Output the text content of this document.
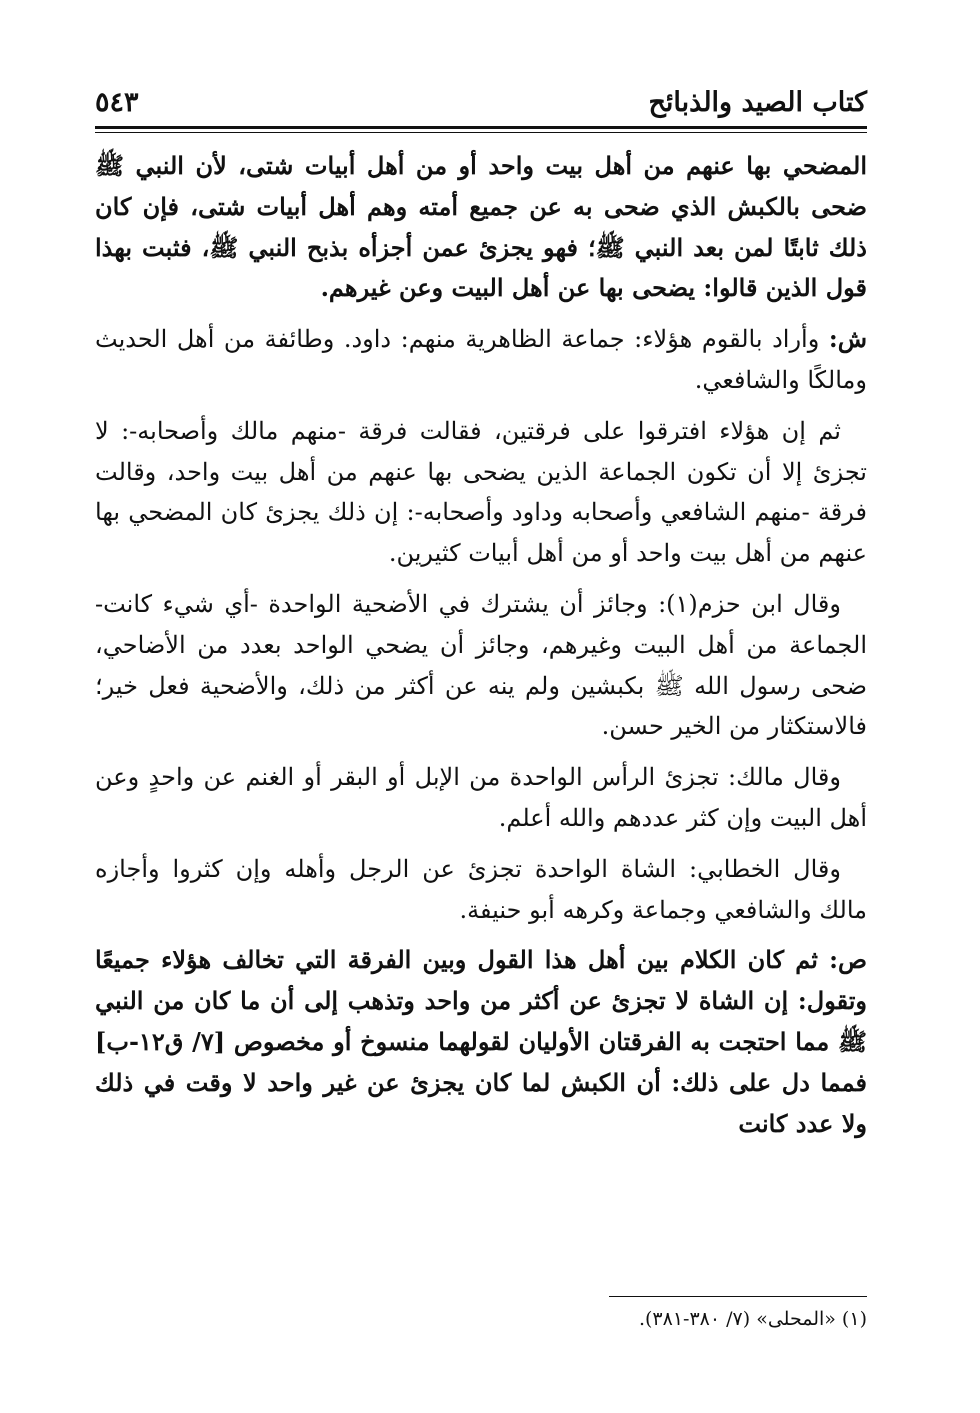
كتاب الصيد والذبائح
٥٤٣

المضحي بها عنهم من أهل بيت واحد أو من أهل أبيات شتى، لأن النبي ﷺ ضحى بالكبش الذي ضحى به عن جميع أمته وهم أهل أبيات شتى، فإن كان ذلك ثابتًا لمن بعد النبي ﷺ؛ فهو يجزئ عمن أجزأه بذبح النبي ﷺ، فثبت بهذا قول الذين قالوا: يضحى بها عن أهل البيت وعن غيرهم.

ش: وأراد بالقوم هؤلاء: جماعة الظاهرية منهم: داود. وطائفة من أهل الحديث ومالكًا والشافعي.

ثم إن هؤلاء افترقوا على فرقتين، فقالت فرقة -منهم مالك وأصحابه-: لا تجزئ إلا أن تكون الجماعة الذين يضحى بها عنهم من أهل بيت واحد، وقالت فرقة -منهم الشافعي وأصحابه وداود وأصحابه-: إن ذلك يجزئ كان المضحي بها عنهم من أهل بيت واحد أو من أهل أبيات كثيرين.

وقال ابن حزم(١): وجائز أن يشترك في الأضحية الواحدة -أي شيء كانت- الجماعة من أهل البيت وغيرهم، وجائز أن يضحي الواحد بعدد من الأضاحي، ضحى رسول الله ﷺ بكبشين ولم ينه عن أكثر من ذلك، والأضحية فعل خير؛ فالاستكثار من الخير حسن.

وقال مالك: تجزئ الرأس الواحدة من الإبل أو البقر أو الغنم عن واحدٍ وعن أهل البيت وإن كثر عددهم والله أعلم.

وقال الخطابي: الشاة الواحدة تجزئ عن الرجل وأهله وإن كثروا وأجازه مالك والشافعي وجماعة وكرهه أبو حنيفة.

ص: ثم كان الكلام بين أهل هذا القول وبين الفرقة التي تخالف هؤلاء جميعًا وتقول: إن الشاة لا تجزئ عن أكثر من واحد وتذهب إلى أن ما كان من النبي ﷺ مما احتجت به الفرقتان الأوليان لقولهما منسوخ أو مخصوص [٧/ ق١٢-ب] فمما دل على ذلك: أن الكبش لما كان يجزئ عن غير واحد لا وقت في ذلك ولا عدد كانت

(١) «المحلى» (٧/ ٣٨٠-٣٨١).
